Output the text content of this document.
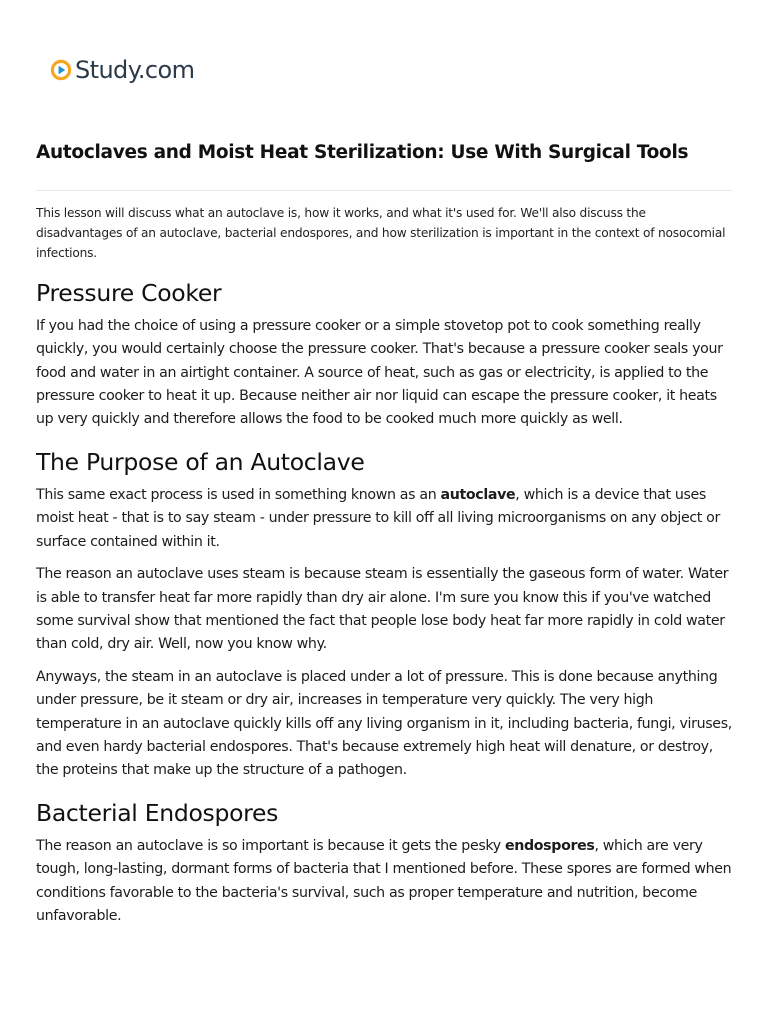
Study.com
Autoclaves and Moist Heat Sterilization: Use With Surgical Tools

This lesson will discuss what an autoclave is, how it works, and what it's used for. We'll also discuss the disadvantages of an autoclave, bacterial endospores, and how sterilization is important in the context of nosocomial infections.

Pressure Cooker

If you had the choice of using a pressure cooker or a simple stovetop pot to cook something really quickly, you would certainly choose the pressure cooker. That's because a pressure cooker seals your food and water in an airtight container. A source of heat, such as gas or electricity, is applied to the pressure cooker to heat it up. Because neither air nor liquid can escape the pressure cooker, it heats up very quickly and therefore allows the food to be cooked much more quickly as well.

The Purpose of an Autoclave

This same exact process is used in something known as an autoclave, which is a device that uses moist heat - that is to say steam - under pressure to kill off all living microorganisms on any object or surface contained within it.

The reason an autoclave uses steam is because steam is essentially the gaseous form of water. Water is able to transfer heat far more rapidly than dry air alone. I'm sure you know this if you've watched some survival show that mentioned the fact that people lose body heat far more rapidly in cold water than cold, dry air. Well, now you know why.

Anyways, the steam in an autoclave is placed under a lot of pressure. This is done because anything under pressure, be it steam or dry air, increases in temperature very quickly. The very high temperature in an autoclave quickly kills off any living organism in it, including bacteria, fungi, viruses, and even hardy bacterial endospores. That's because extremely high heat will denature, or destroy, the proteins that make up the structure of a pathogen.

Bacterial Endospores

The reason an autoclave is so important is because it gets the pesky endospores, which are very tough, long-lasting, dormant forms of bacteria that I mentioned before. These spores are formed when conditions favorable to the bacteria's survival, such as proper temperature and nutrition, become unfavorable.
